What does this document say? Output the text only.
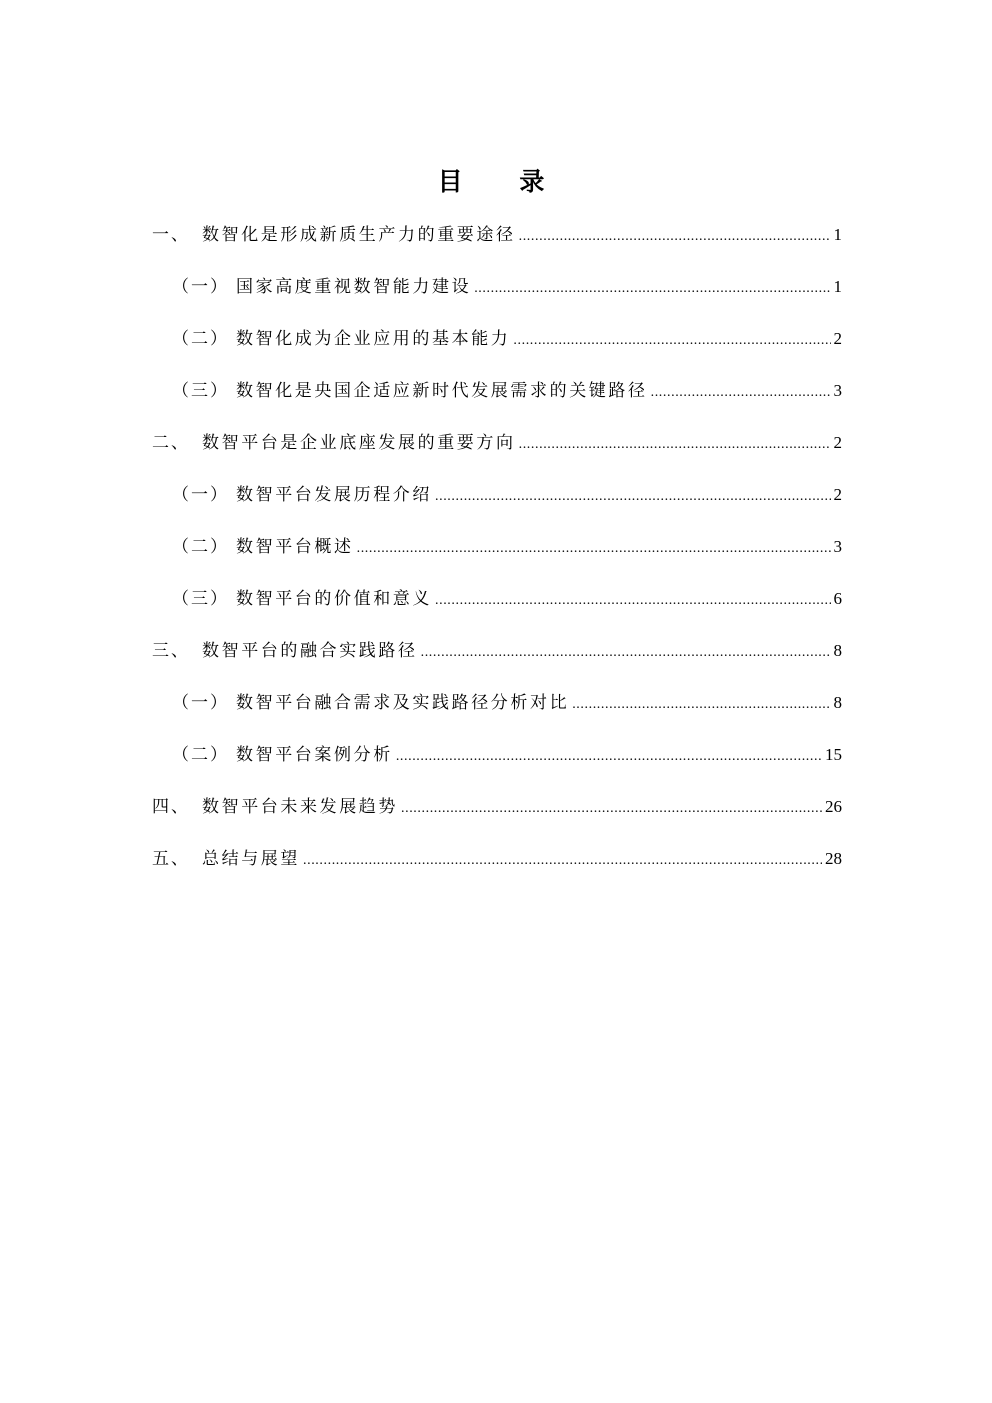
目 录
一、 数智化是形成新质生产力的重要途径 .....	1
（一） 国家高度重视数智能力建设 .....	1
（二） 数智化成为企业应用的基本能力 .....	2
（三） 数智化是央国企适应新时代发展需求的关键路径 .....	3
二、 数智平台是企业底座发展的重要方向 .....	2
（一） 数智平台发展历程介绍 .....	2
（二） 数智平台概述 .....	3
（三） 数智平台的价值和意义 .....	6
三、 数智平台的融合实践路径 .....	8
（一） 数智平台融合需求及实践路径分析对比 .....	8
（二） 数智平台案例分析 .....	15
四、 数智平台未来发展趋势 .....	26
五、 总结与展望 .....	28
